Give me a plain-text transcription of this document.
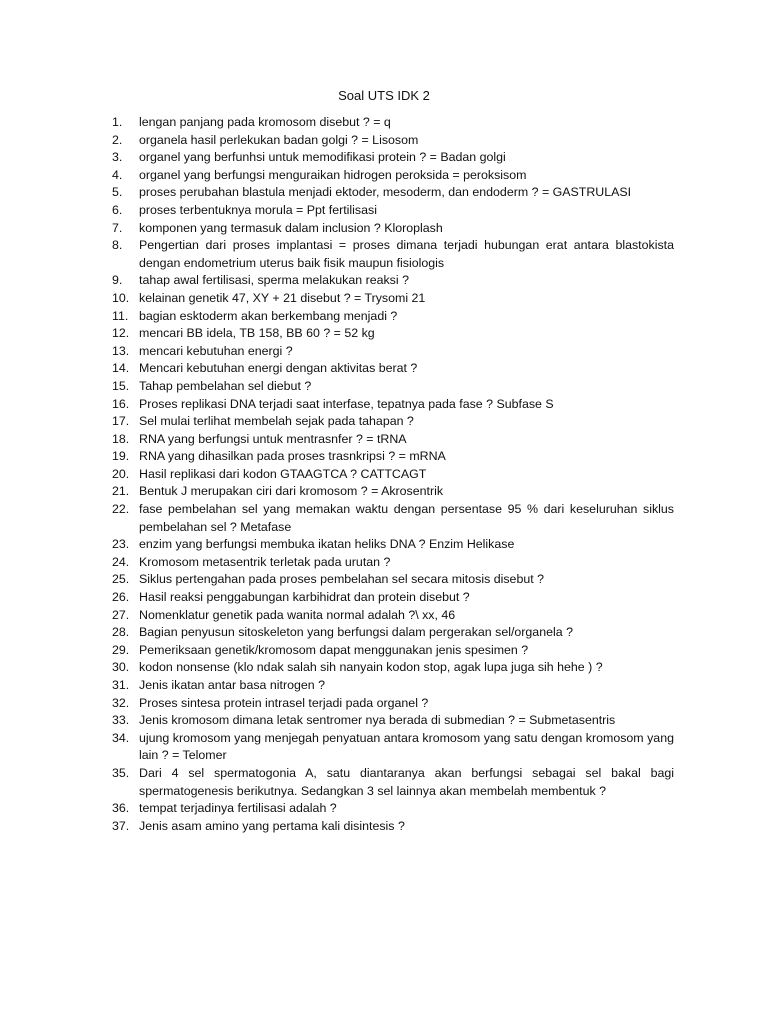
Soal UTS IDK 2
1.	lengan panjang pada kromosom disebut ? = q
2.	organela hasil perlekukan badan golgi ? = Lisosom
3.	organel yang berfunhsi untuk memodifikasi protein ? = Badan golgi
4.	organel yang berfungsi menguraikan hidrogen peroksida = peroksisom
5.	proses perubahan blastula menjadi ektoder, mesoderm, dan endoderm ? = GASTRULASI
6.	proses terbentuknya morula = Ppt fertilisasi
7.	komponen yang termasuk dalam inclusion ? Kloroplash
8.	Pengertian dari proses implantasi = proses dimana terjadi hubungan erat antara blastokista dengan endometrium uterus baik fisik maupun fisiologis
9.	tahap awal fertilisasi, sperma melakukan reaksi ?
10. kelainan genetik 47, XY + 21 disebut ? = Trysomi 21
11. bagian esktoderm akan berkembang menjadi ?
12. mencari BB idela, TB 158, BB 60 ? = 52 kg
13. mencari kebutuhan energi ?
14. Mencari kebutuhan energi dengan aktivitas berat ?
15. Tahap pembelahan sel diebut ?
16. Proses replikasi DNA terjadi saat interfase, tepatnya pada fase ? Subfase S
17. Sel mulai terlihat membelah sejak pada tahapan ?
18. RNA yang berfungsi untuk mentrasnfer ? = tRNA
19. RNA yang dihasilkan pada proses trasnkripsi ? = mRNA
20. Hasil replikasi dari kodon GTAAGTCA ? CATTCAGT
21. Bentuk J merupakan ciri dari kromosom ? = Akrosentrik
22. fase pembelahan sel yang memakan waktu dengan persentase 95 % dari keseluruhan siklus pembelahan sel ? Metafase
23. enzim yang berfungsi membuka ikatan heliks DNA ? Enzim Helikase
24. Kromosom metasentrik terletak pada urutan ?
25. Siklus pertengahan pada proses pembelahan sel secara mitosis disebut ?
26. Hasil reaksi penggabungan karbihidrat dan protein disebut ?
27. Nomenklatur genetik pada wanita normal adalah ?\ xx, 46
28. Bagian penyusun sitoskeleton yang berfungsi dalam pergerakan sel/organela ?
29. Pemeriksaan genetik/kromosom dapat menggunakan jenis spesimen ?
30. kodon nonsense (klo ndak salah sih nanyain kodon stop, agak lupa juga sih hehe ) ?
31. Jenis ikatan antar basa nitrogen ?
32. Proses sintesa protein intrasel terjadi pada organel ?
33. Jenis kromosom dimana letak sentromer nya berada di submedian ? = Submetasentris
34. ujung kromosom yang menjegah penyatuan antara kromosom yang satu dengan kromosom yang lain ? = Telomer
35. Dari 4 sel spermatogonia A, satu diantaranya akan berfungsi sebagai sel bakal bagi spermatogenesis berikutnya. Sedangkan 3 sel lainnya akan membelah membentuk ?
36. tempat terjadinya fertilisasi adalah ?
37. Jenis asam amino yang pertama kali disintesis ?
